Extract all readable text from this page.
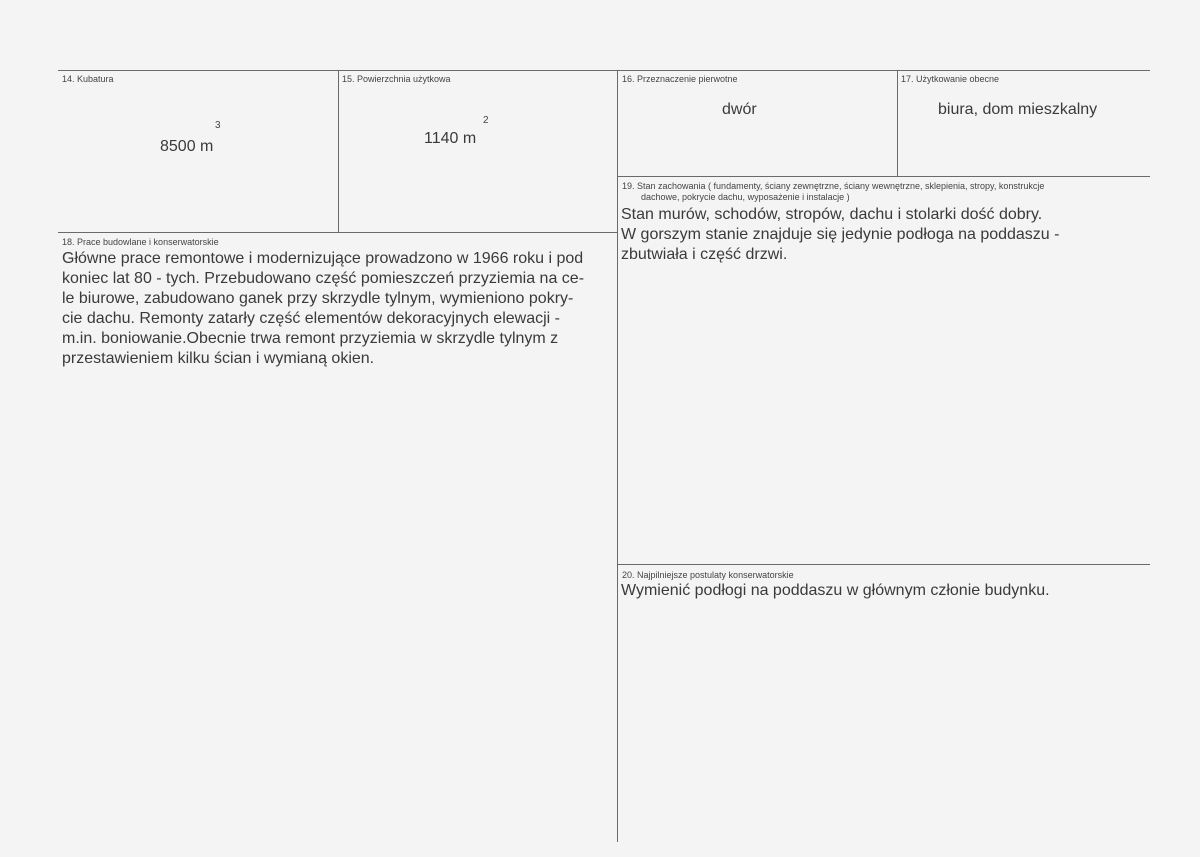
14. Kubatura
8500 m
3
15. Powierzchnia użytkowa
1140 m
2
16. Przeznaczenie pierwotne
dwór
17. Użytkowanie obecne
biura, dom mieszkalny
18. Prace budowlane i konserwatorskie
Główne prace remontowe i modernizujące prowadzono w 1966 roku i pod
koniec lat 80 - tych. Przebudowano część pomieszczeń przyziemia na ce-
le biurowe, zabudowano ganek przy skrzydle tylnym, wymieniono pokry-
cie dachu. Remonty zatarły część elementów dekoracyjnych elewacji -
m.in. boniowanie.Obecnie trwa remont przyziemia w skrzydle tylnym z
przestawieniem kilku ścian i wymianą okien.
19. Stan zachowania ( fundamenty, ściany zewnętrzne, ściany wewnętrzne, sklepienia, stropy, konstrukcje
dachowe, pokrycie dachu, wyposażenie i instalacje )
Stan murów, schodów, stropów, dachu i stolarki dość dobry.
W gorszym stanie znajduje się jedynie podłoga na poddaszu -
zbutwiała i część drzwi.
20. Najpilniejsze postulaty konserwatorskie
Wymienić podłogi na poddaszu w głównym członie budynku.
